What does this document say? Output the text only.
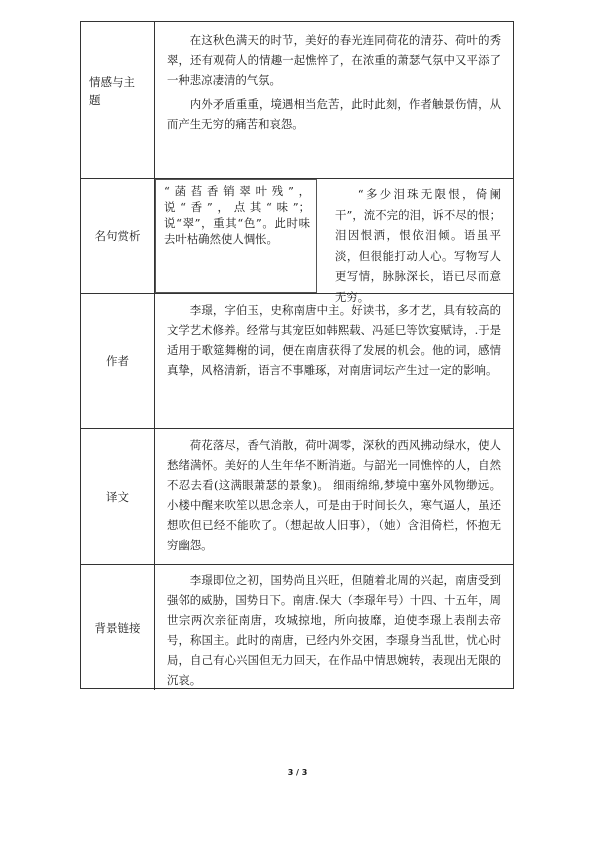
情感与主题

在这秋色满天的时节，美好的春光连同荷花的清芬、荷叶的秀翠，还有观荷人的情趣一起憔悴了，在浓重的萧瑟气氛中又平添了一种悲凉凄清的气氛。

内外矛盾重重，境遇相当危苦，此时此刻，作者触景伤情，从而产生无穷的痛苦和哀怨。

名句赏析
“菡萏香销翠叶残”，说“香”，点其“味”；说“翠”，重其“色”。此时味去叶枯确然使人惆怅。

“多少泪珠无限恨，倚阑干”，流不完的泪，诉不尽的恨；泪因恨洒，恨依泪倾。语虽平淡，但很能打动人心。写物写人更写情，脉脉深长，语已尽而意无穷。

作者

李璟，字伯玉，史称南唐中主。好读书，多才艺，具有较高的文学艺术修养。经常与其宠臣如韩熙载、冯延巳等饮宴赋诗，.于是适用于歌筵舞榭的词，便在南唐获得了发展的机会。他的词，感情真挚，风格清新，语言不事雕琢，对南唐词坛产生过一定的影响。

译文

荷花落尽，香气消散，荷叶凋零，深秋的西风拂动绿水，使人愁绪满怀。美好的人生年华不断消逝。与韶光一同憔悴的人，自然不忍去看(这满眼萧瑟的景象)。 细雨绵绵,梦境中塞外风物缈远。小楼中醒来吹笙以思念亲人，可是由于时间长久，寒气逼人，虽还想吹但已经不能吹了。（想起故人旧事），（她）含泪倚栏，怀抱无穷幽怨。

背景链接

李璟即位之初，国势尚且兴旺，但随着北周的兴起，南唐受到强邻的威胁，国势日下。南唐.保大（李璟年号）十四、十五年，周世宗两次亲征南唐，攻城掠地，所向披靡，迫使李璟上表削去帝号，称国主。此时的南唐，已经内外交困，李璟身当乱世，忧心时局，自己有心兴国但无力回天，在作品中情思婉转，表现出无限的沉哀。

3 / 3
